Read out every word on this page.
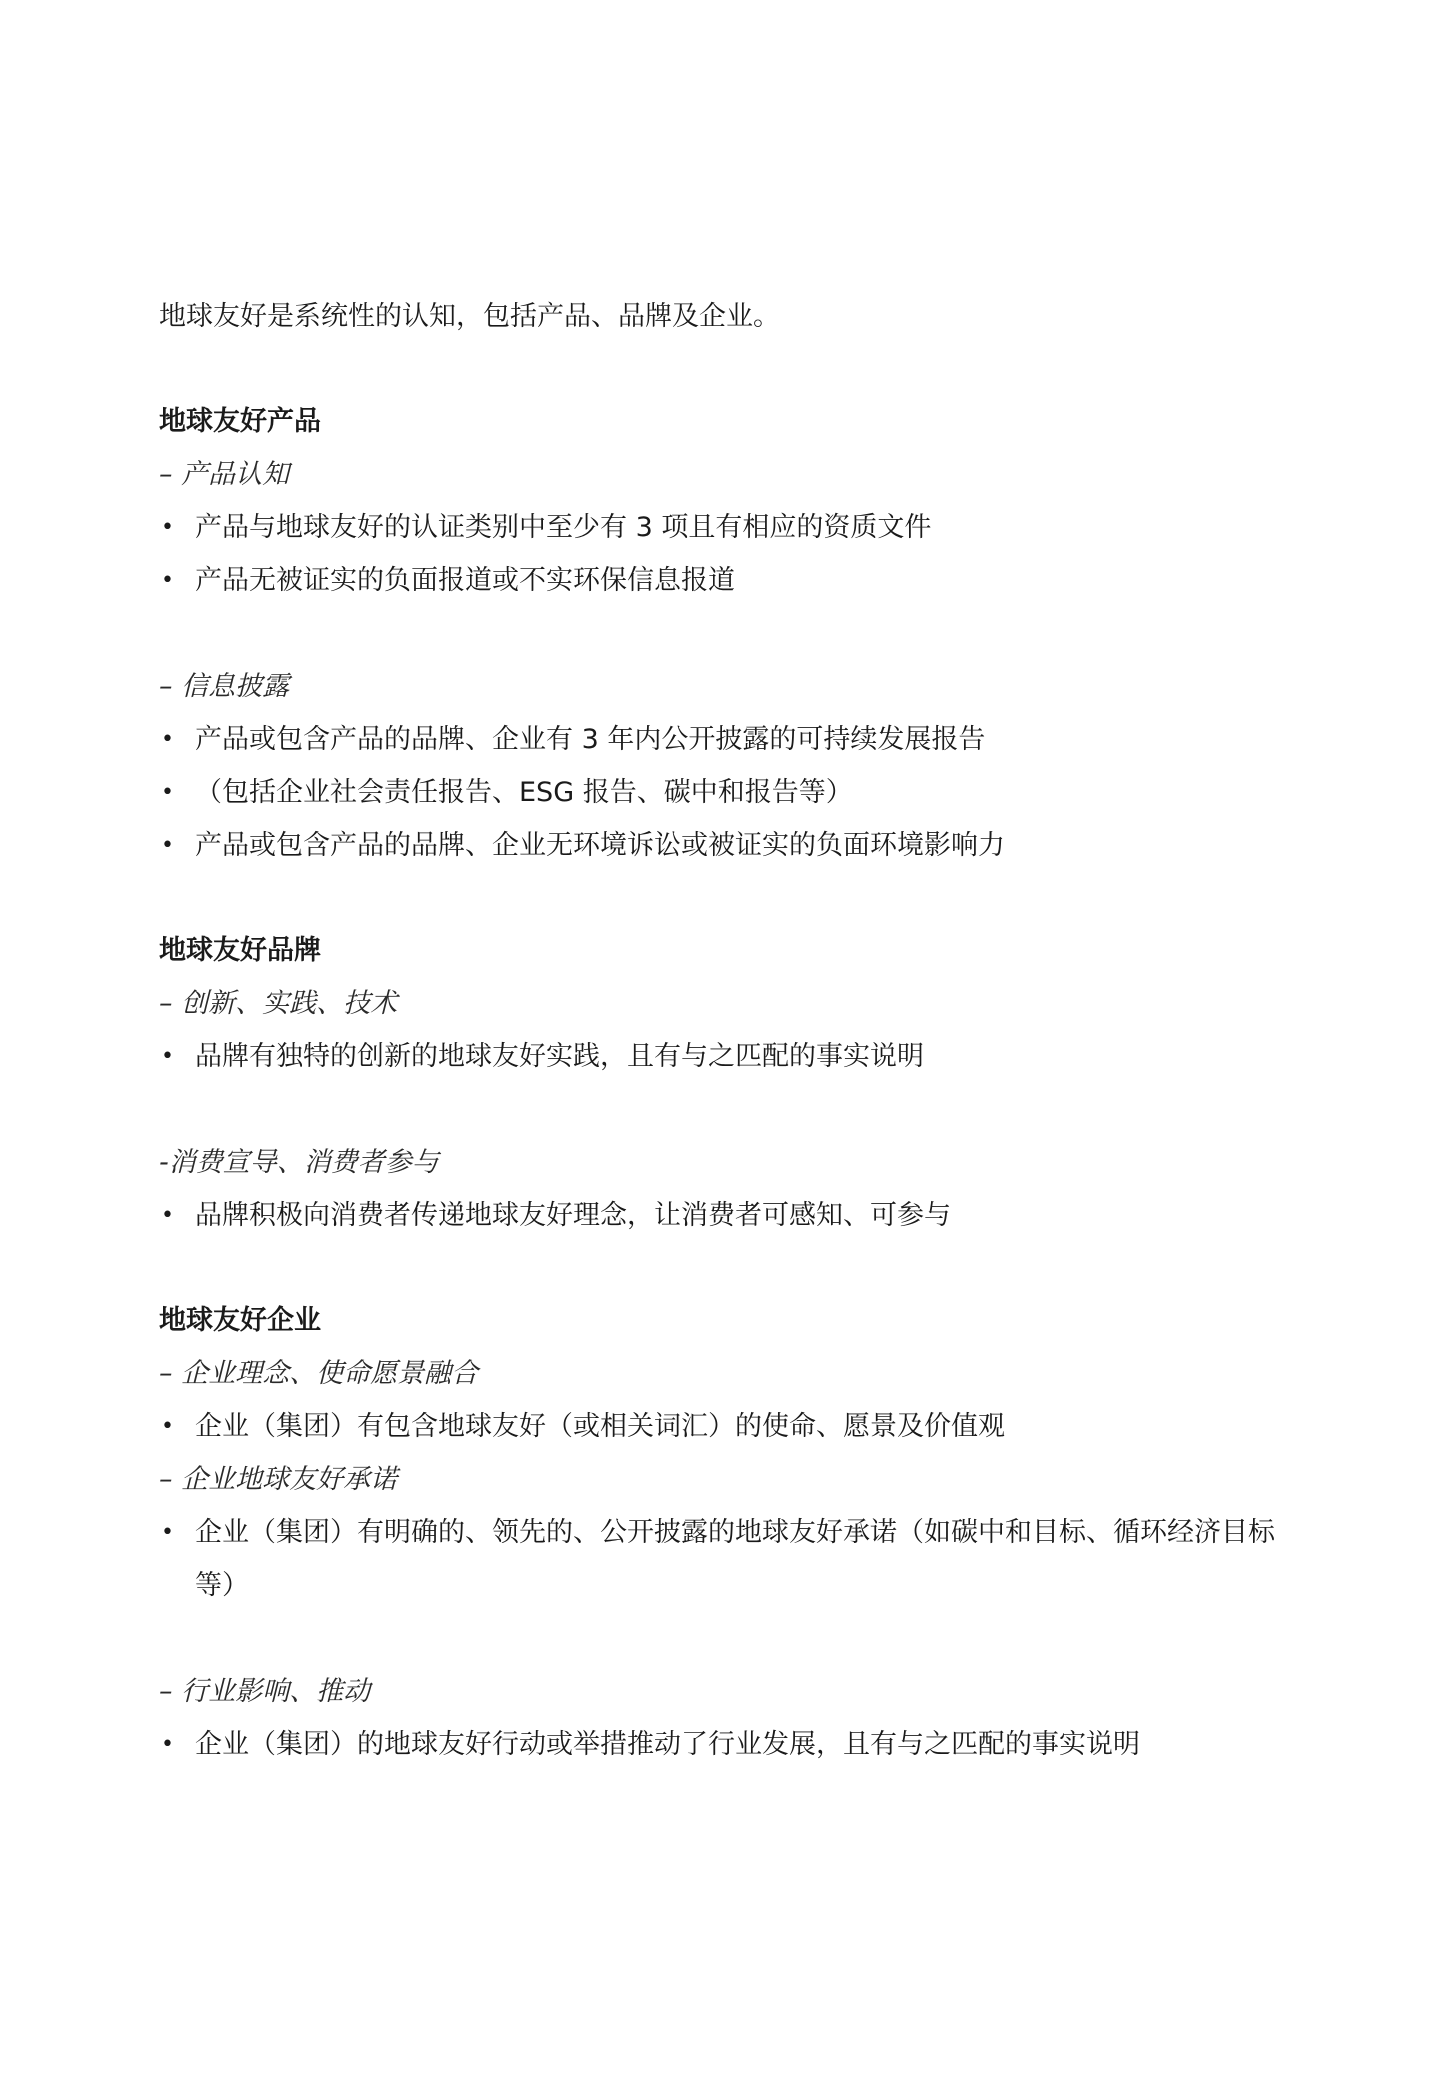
地球友好是系统性的认知，包括产品、品牌及企业。

地球友好产品

– 产品认知

• 产品与地球友好的认证类别中至少有 3 项且有相应的资质文件
• 产品无被证实的负面报道或不实环保信息报道

– 信息披露

• 产品或包含产品的品牌、企业有 3 年内公开披露的可持续发展报告
• （包括企业社会责任报告、ESG 报告、碳中和报告等）
• 产品或包含产品的品牌、企业无环境诉讼或被证实的负面环境影响力
地球友好品牌

– 创新、实践、技术

• 品牌有独特的创新的地球友好实践，且有与之匹配的事实说明

-消费宣导、消费者参与

• 品牌积极向消费者传递地球友好理念，让消费者可感知、可参与
地球友好企业

– 企业理念、使命愿景融合

• 企业（集团）有包含地球友好（或相关词汇）的使命、愿景及价值观

– 企业地球友好承诺

• 企业（集团）有明确的、领先的、公开披露的地球友好承诺（如碳中和目标、循环经济目标等）

– 行业影响、推动

• 企业（集团）的地球友好行动或举措推动了行业发展，且有与之匹配的事实说明
